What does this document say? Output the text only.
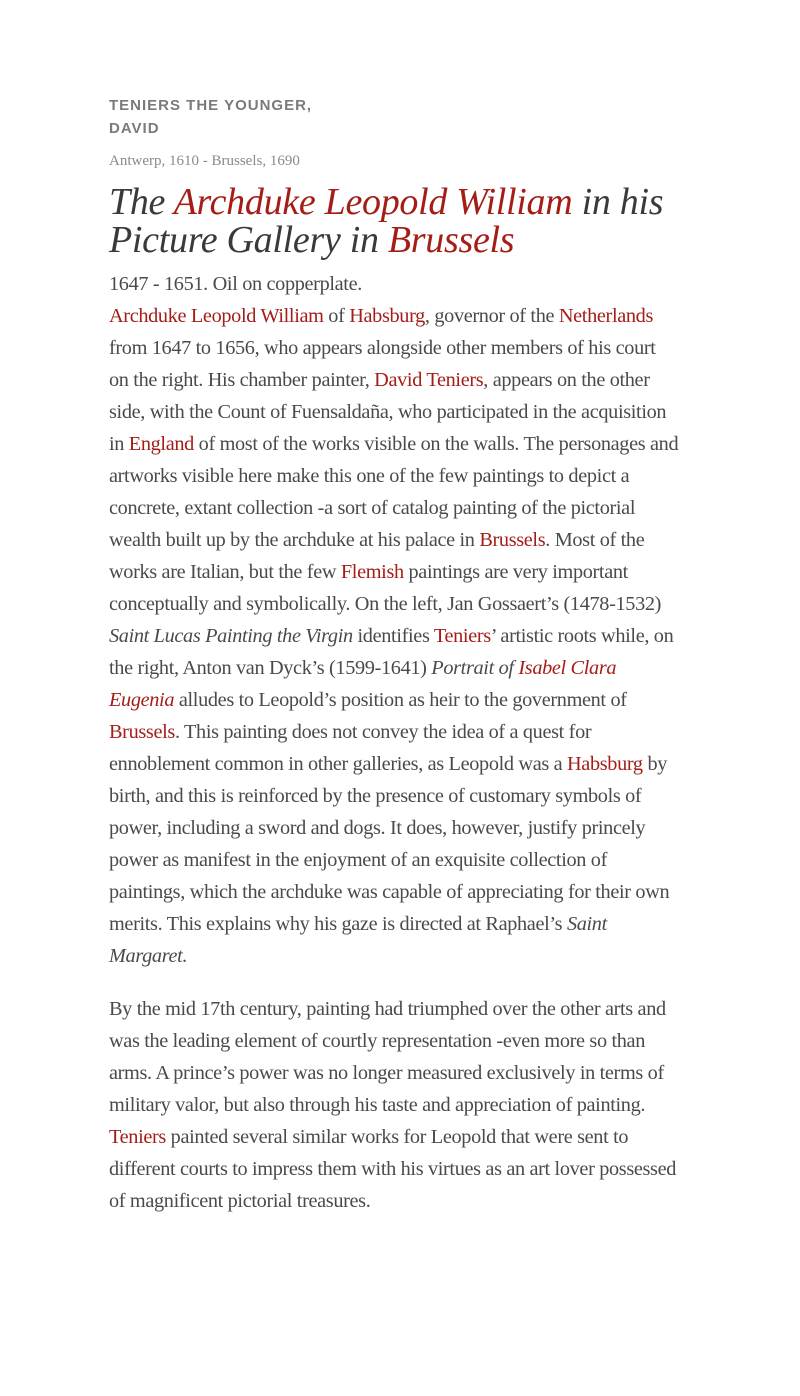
TENIERS THE YOUNGER,
DAVID
Antwerp, 1610 - Brussels, 1690
The Archduke Leopold William in his Picture Gallery in Brussels

1647 - 1651. Oil on copperplate.
Archduke Leopold William of Habsburg, governor of the Netherlands from 1647 to 1656, who appears alongside other members of his court on the right. His chamber painter, David Teniers, appears on the other side, with the Count of Fuensaldaña, who participated in the acquisition in England of most of the works visible on the walls. The personages and artworks visible here make this one of the few paintings to depict a concrete, extant collection -a sort of catalog painting of the pictorial wealth built up by the archduke at his palace in Brussels. Most of the works are Italian, but the few Flemish paintings are very important conceptually and symbolically. On the left, Jan Gossaert’s (1478-1532) Saint Lucas Painting the Virgin identifies Teniers’ artistic roots while, on the right, Anton van Dyck’s (1599-1641) Portrait of Isabel Clara Eugenia alludes to Leopold’s position as heir to the government of Brussels. This painting does not convey the idea of a quest for ennoblement common in other galleries, as Leopold was a Habsburg by birth, and this is reinforced by the presence of customary symbols of power, including a sword and dogs. It does, however, justify princely power as manifest in the enjoyment of an exquisite collection of paintings, which the archduke was capable of appreciating for their own merits. This explains why his gaze is directed at Raphael’s Saint Margaret.

By the mid 17th century, painting had triumphed over the other arts and was the leading element of courtly representation -even more so than arms. A prince’s power was no longer measured exclusively in terms of military valor, but also through his taste and appreciation of painting. Teniers painted several similar works for Leopold that were sent to different courts to impress them with his virtues as an art lover possessed of magnificent pictorial treasures.
